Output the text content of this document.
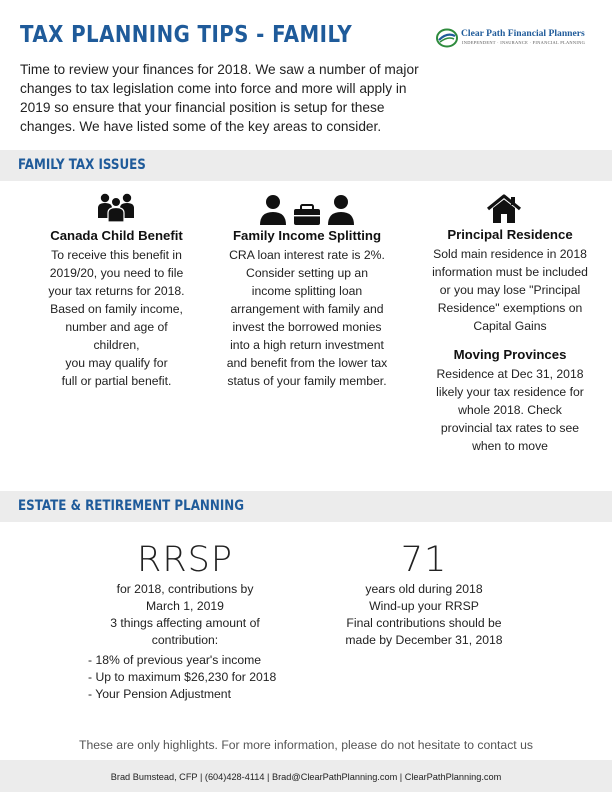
TAX PLANNING TIPS - FAMILY	Clear Path Financial Planners
INDEPENDENT · INSURANCE · FINANCIAL PLANNING
Time to review your finances for 2018. We saw a number of major
changes to tax legislation come into force and more will apply in
2019 so ensure that your financial position is setup for these
changes. We have listed some of the key areas to consider.
FAMILY TAX ISSUES
Canada Child Benefit
To receive this benefit in
2019/20, you need to file
your tax returns for 2018.
Based on family income,
number and age of
children,
you may qualify for
full or partial benefit.
Family Income Splitting
CRA loan interest rate is 2%.
Consider setting up an
income splitting loan
arrangement with family and
invest the borrowed monies
into a high return investment
and benefit from the lower tax
status of your family member.
Principal Residence
Sold main residence in 2018
information must be included
or you may lose "Principal
Residence" exemptions on
Capital Gains
Moving Provinces
Residence at Dec 31, 2018
likely your tax residence for
whole 2018. Check
provincial tax rates to see
when to move
ESTATE & RETIREMENT PLANNING
RRSP
for 2018, contributions by
March 1, 2019
3 things affecting amount of
contribution:
- 18% of previous year's income
- Up to maximum $26,230 for 2018
- Your Pension Adjustment
71
years old during 2018
Wind-up your RRSP
Final contributions should be
made by December 31, 2018
These are only highlights. For more information, please do not hesitate to contact us
Brad Bumstead, CFP | (604)428-4114 | Brad@ClearPathPlanning.com | ClearPathPlanning.com
